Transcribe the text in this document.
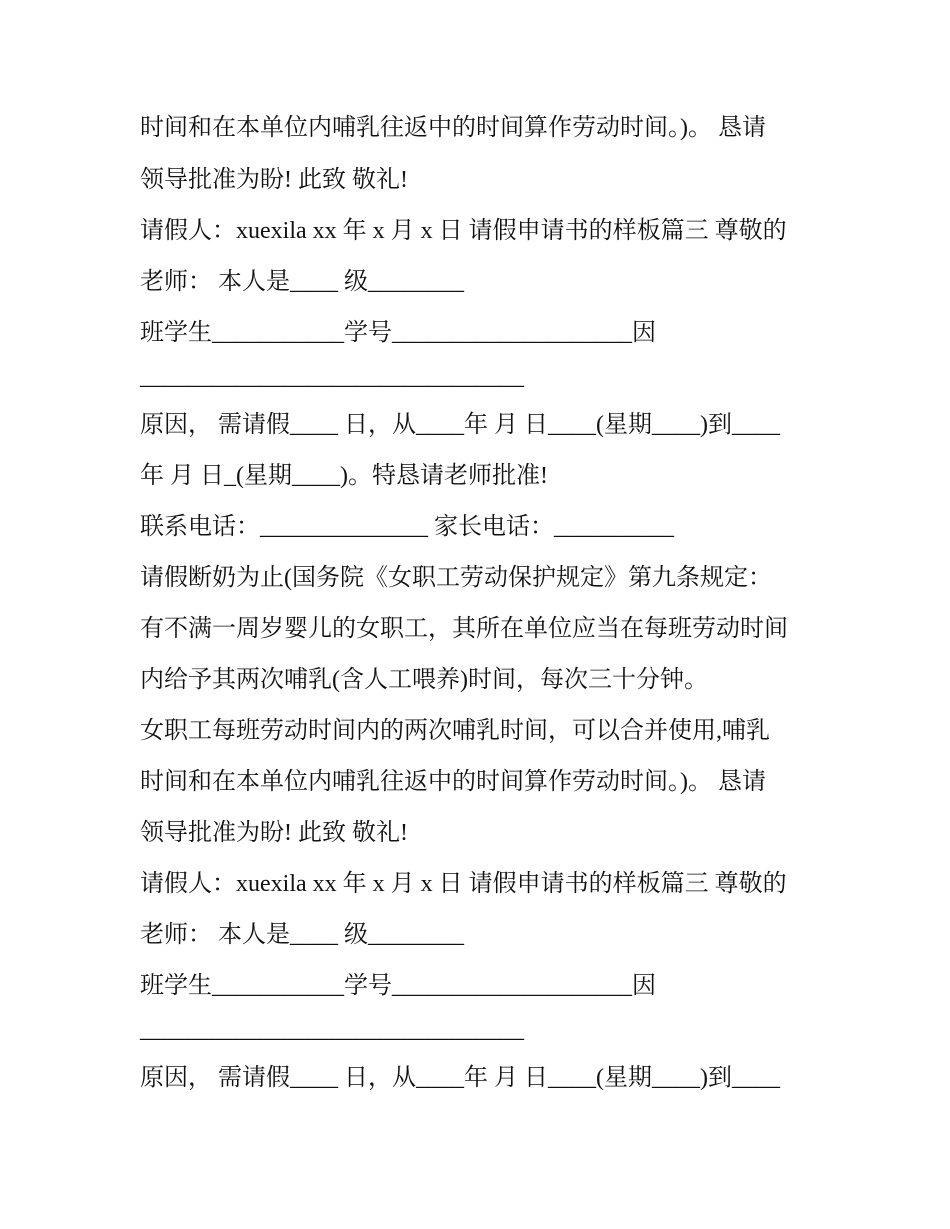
时间和在本单位内哺乳往返中的时间算作劳动时间。)。 恳请
领导批准为盼! 此致 敬礼!
请假人：xuexila xx 年 x 月 x 日 请假申请书的样板篇三 尊敬的
老师： 本人是____ 级________
班学生___________学号____________________因
________________________________
原因， 需请假____ 日，从____年 月 日____(星期____)到____
年 月 日_(星期____)。特恳请老师批准!
联系电话：______________ 家长电话：__________
请假断奶为止(国务院《女职工劳动保护规定》第九条规定：
有不满一周岁婴儿的女职工，其所在单位应当在每班劳动时间
内给予其两次哺乳(含人工喂养)时间，每次三十分钟。
女职工每班劳动时间内的两次哺乳时间，可以合并使用,哺乳
时间和在本单位内哺乳往返中的时间算作劳动时间。)。 恳请
领导批准为盼! 此致 敬礼!
请假人：xuexila xx 年 x 月 x 日 请假申请书的样板篇三 尊敬的
老师： 本人是____ 级________
班学生___________学号____________________因
________________________________
原因， 需请假____ 日，从____年 月 日____(星期____)到____
